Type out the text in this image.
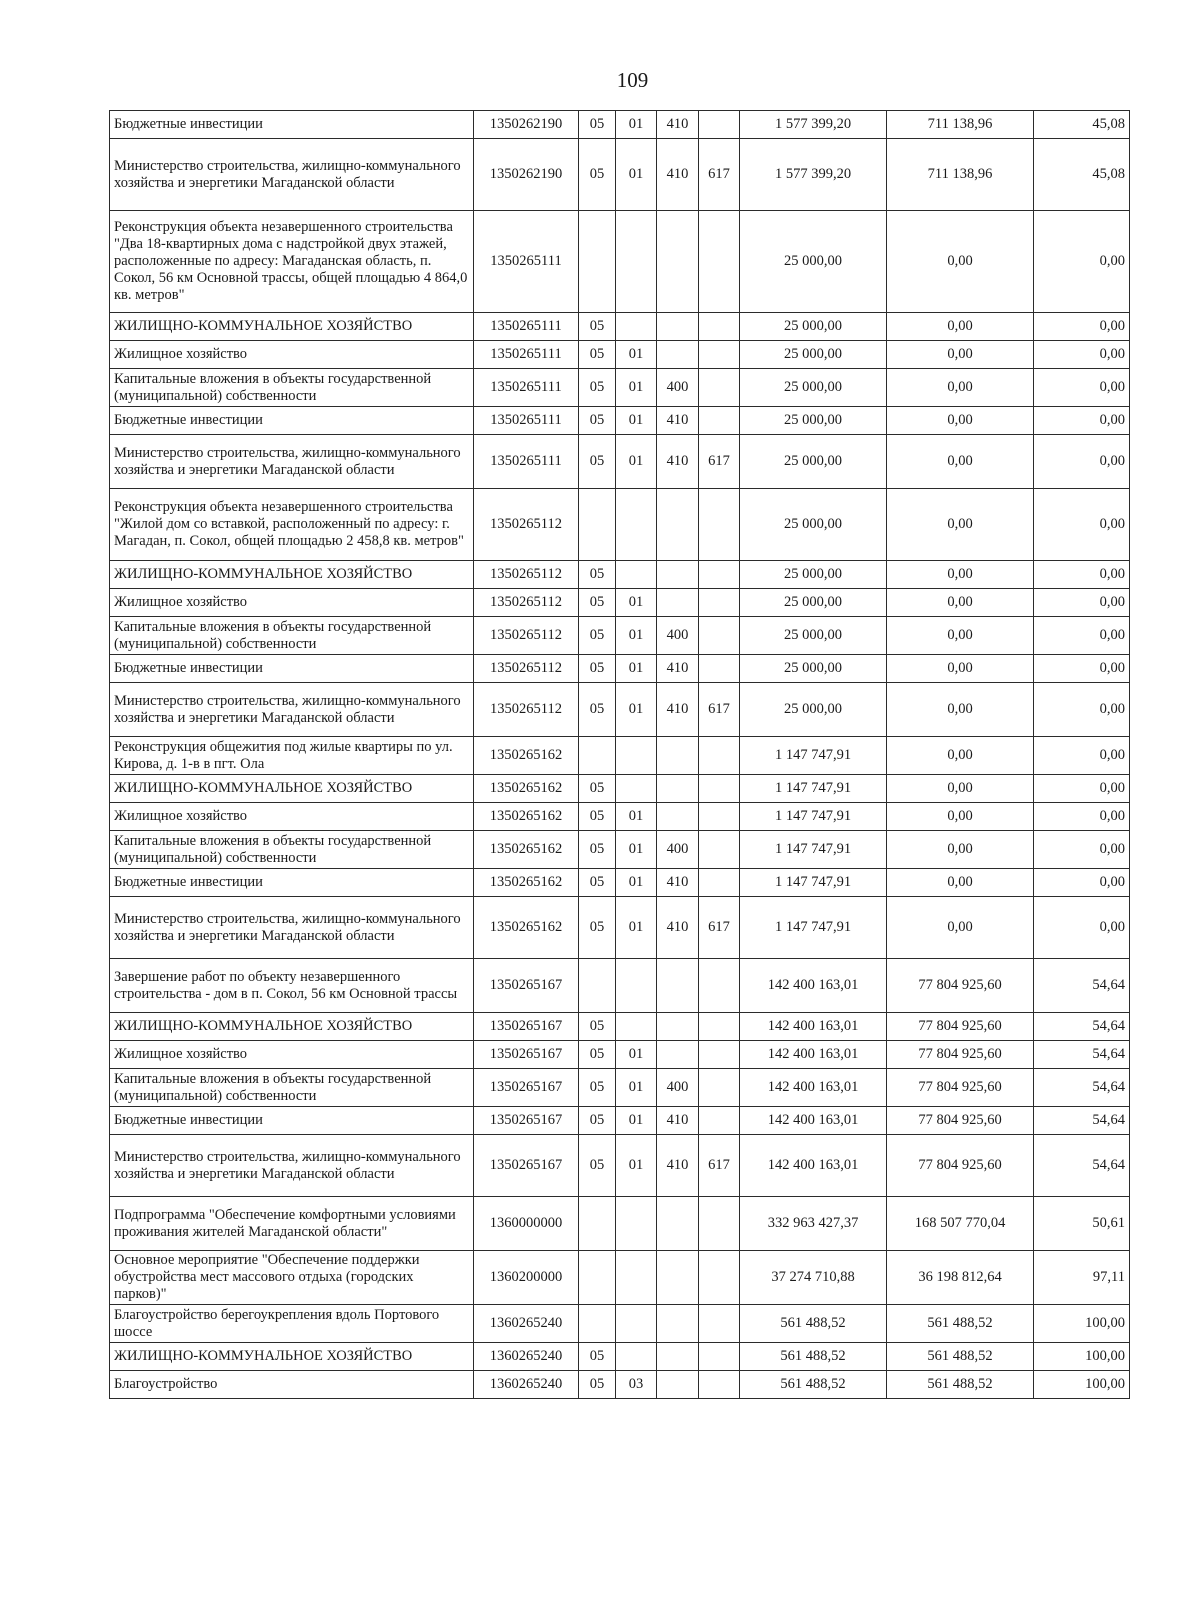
109
Бюджетные инвестиции	1350262190	05	01	410		1 577 399,20	711 138,96	45,08
Министерство строительства, жилищно-коммунального хозяйства и энергетики Магаданской области	1350262190	05	01	410	617	1 577 399,20	711 138,96	45,08
Реконструкция объекта незавершенного строительства "Два 18-квартирных дома с надстройкой двух этажей, расположенные по адресу: Магаданская область, п. Сокол, 56 км Основной трассы, общей площадью 4 864,0 кв. метров"	1350265111					25 000,00	0,00	0,00
ЖИЛИЩНО-КОММУНАЛЬНОЕ ХОЗЯЙСТВО	1350265111	05				25 000,00	0,00	0,00
Жилищное хозяйство	1350265111	05	01			25 000,00	0,00	0,00
Капитальные вложения в объекты государственной (муниципальной) собственности	1350265111	05	01	400		25 000,00	0,00	0,00
Бюджетные инвестиции	1350265111	05	01	410		25 000,00	0,00	0,00
Министерство строительства, жилищно-коммунального хозяйства и энергетики Магаданской области	1350265111	05	01	410	617	25 000,00	0,00	0,00
Реконструкция объекта незавершенного строительства "Жилой дом со вставкой, расположенный по адресу: г. Магадан, п. Сокол, общей площадью 2 458,8 кв. метров"	1350265112					25 000,00	0,00	0,00
ЖИЛИЩНО-КОММУНАЛЬНОЕ ХОЗЯЙСТВО	1350265112	05				25 000,00	0,00	0,00
Жилищное хозяйство	1350265112	05	01			25 000,00	0,00	0,00
Капитальные вложения в объекты государственной (муниципальной) собственности	1350265112	05	01	400		25 000,00	0,00	0,00
Бюджетные инвестиции	1350265112	05	01	410		25 000,00	0,00	0,00
Министерство строительства, жилищно-коммунального хозяйства и энергетики Магаданской области	1350265112	05	01	410	617	25 000,00	0,00	0,00
Реконструкция общежития под жилые квартиры по ул. Кирова, д. 1-в в пгт. Ола	1350265162					1 147 747,91	0,00	0,00
ЖИЛИЩНО-КОММУНАЛЬНОЕ ХОЗЯЙСТВО	1350265162	05				1 147 747,91	0,00	0,00
Жилищное хозяйство	1350265162	05	01			1 147 747,91	0,00	0,00
Капитальные вложения в объекты государственной (муниципальной) собственности	1350265162	05	01	400		1 147 747,91	0,00	0,00
Бюджетные инвестиции	1350265162	05	01	410		1 147 747,91	0,00	0,00
Министерство строительства, жилищно-коммунального хозяйства и энергетики Магаданской области	1350265162	05	01	410	617	1 147 747,91	0,00	0,00
Завершение работ по объекту незавершенного строительства - дом в п. Сокол, 56 км Основной трассы	1350265167					142 400 163,01	77 804 925,60	54,64
ЖИЛИЩНО-КОММУНАЛЬНОЕ ХОЗЯЙСТВО	1350265167	05				142 400 163,01	77 804 925,60	54,64
Жилищное хозяйство	1350265167	05	01			142 400 163,01	77 804 925,60	54,64
Капитальные вложения в объекты государственной (муниципальной) собственности	1350265167	05	01	400		142 400 163,01	77 804 925,60	54,64
Бюджетные инвестиции	1350265167	05	01	410		142 400 163,01	77 804 925,60	54,64
Министерство строительства, жилищно-коммунального хозяйства и энергетики Магаданской области	1350265167	05	01	410	617	142 400 163,01	77 804 925,60	54,64
Подпрограмма "Обеспечение комфортными условиями проживания жителей Магаданской области"	1360000000					332 963 427,37	168 507 770,04	50,61
Основное мероприятие "Обеспечение поддержки обустройства мест массового отдыха (городских парков)"	1360200000					37 274 710,88	36 198 812,64	97,11
Благоустройство берегоукрепления вдоль Портового шоссе	1360265240					561 488,52	561 488,52	100,00
ЖИЛИЩНО-КОММУНАЛЬНОЕ ХОЗЯЙСТВО	1360265240	05				561 488,52	561 488,52	100,00
Благоустройство	1360265240	05	03			561 488,52	561 488,52	100,00
